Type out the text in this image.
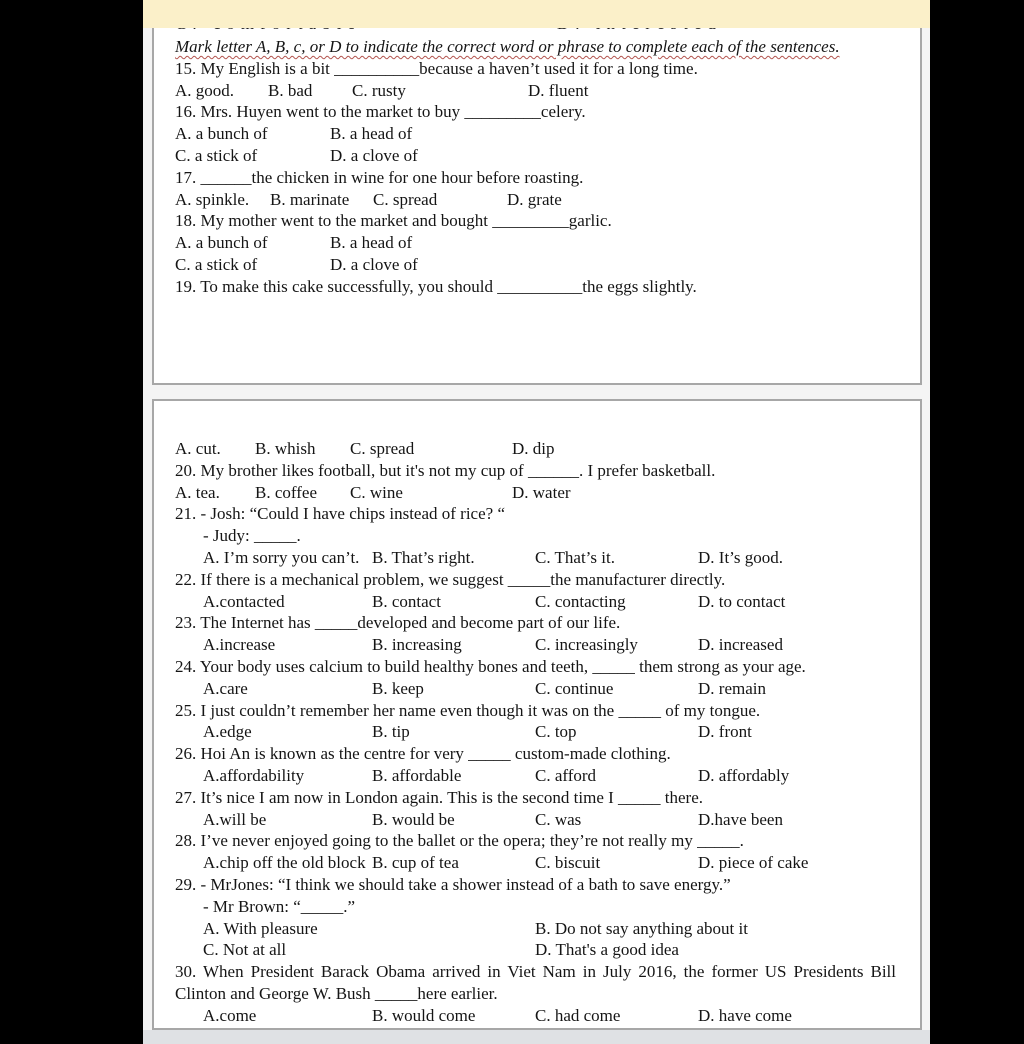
Mark letter A, B, c, or D to indicate the correct word or phrase to complete each of the sentences.
15. My English is a bit __________because a haven’t used it for a long time.
A. good.	B. bad	C. rusty	D. fluent
16. Mrs. Huyen went to the market to buy _________celery.
A. a bunch of	B. a head of
C. a stick of	D. a clove of
17. ______the chicken in wine for one hour before roasting.
A. spinkle.	B. marinate	C. spread	D. grate
18. My mother went to the market and bought _________garlic.
A. a bunch of	B. a head of
C. a stick of	D. a clove of
19. To make this cake successfully, you should __________the eggs slightly.
A. cut.	B. whish	C. spread	D. dip
20. My brother likes football, but it's not my cup of ______. I prefer basketball.
A. tea.	B. coffee	C. wine	D. water
21. - Josh: “Could I have chips instead of rice? “
- Judy: _____.
A. I’m sorry you can’t. B. That’s right.	C. That’s it.	D. It’s good.
22. If there is a mechanical problem, we suggest _____the manufacturer directly.
A.contacted	B. contact	C. contacting	D. to contact
23. The Internet has _____developed and become part of our life.
A.increase	B. increasing	C. increasingly	D. increased
24. Your body uses calcium to build healthy bones and teeth, _____ them strong as your age.
A.care	B. keep	C. continue	D. remain
25. I just couldn’t remember her name even though it was on the _____ of my tongue.
A.edge	B. tip	C. top	D. front
26. Hoi An is known as the centre for very _____ custom-made clothing.
A.affordability	B. affordable	C. afford	D. affordably
27. It’s nice I am now in London again. This is the second time I _____ there.
A.will be	B. would be	C. was	D.have been
28. I’ve never enjoyed going to the ballet or the opera; they’re not really my _____.
A.chip off the old block B. cup of tea	C. biscuit	D. piece of cake
29. - MrJones: “I think we should take a shower instead of a bath to save energy.”
- Mr Brown: “_____.”
A. With pleasure	B. Do not say anything about it
C. Not at all	D. That's a good idea
30. When President Barack Obama arrived in Viet Nam in July 2016, the former US Presidents Bill
Clinton and George W. Bush _____here earlier.
A.come	B. would come	C. had come	D. have come
